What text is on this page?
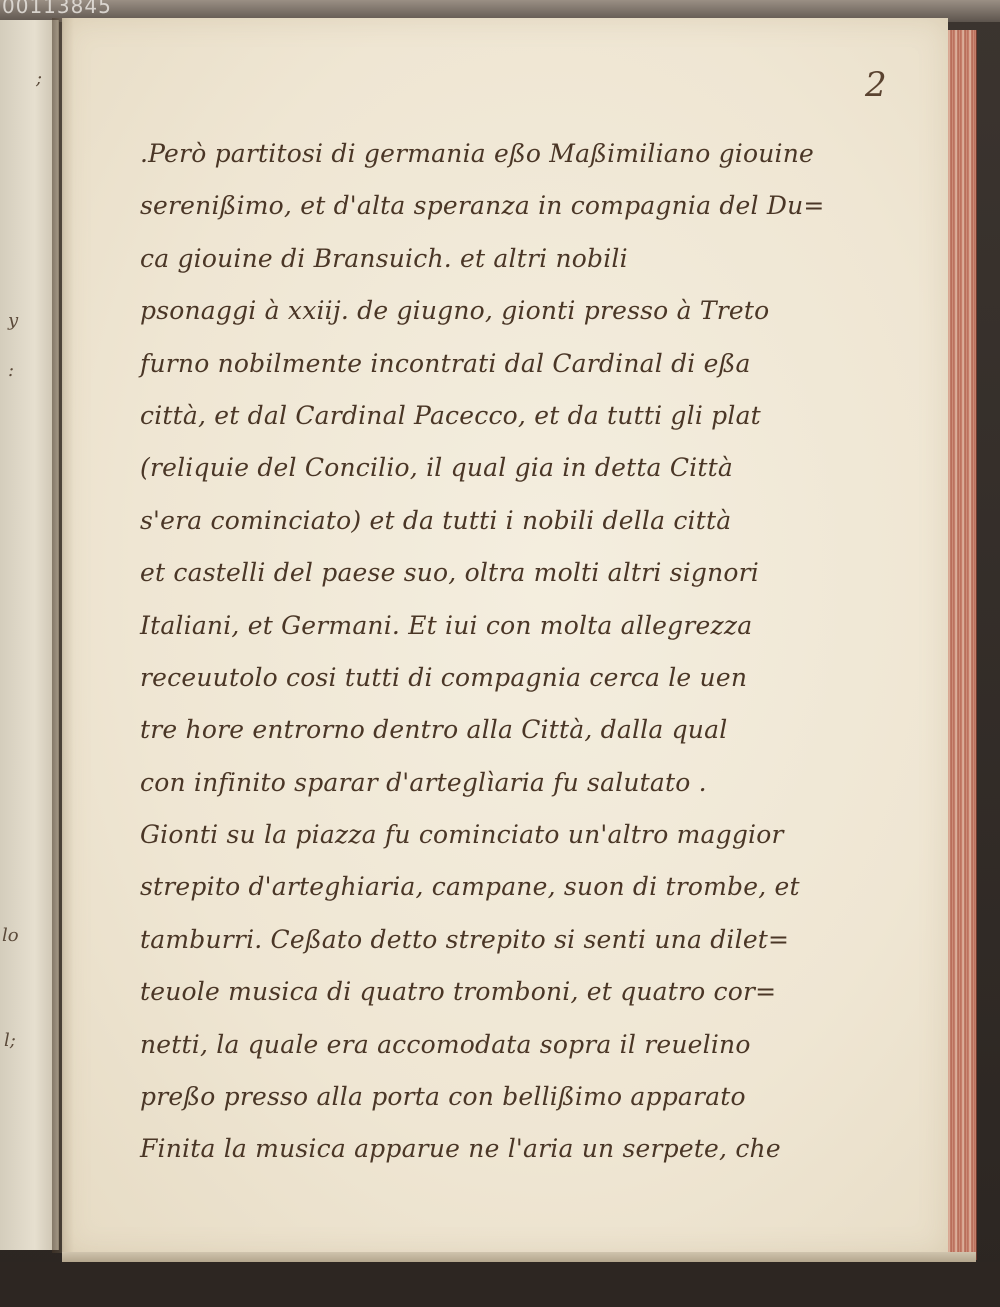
00113845
;
y
:
lo
l;
2
.Però partitosi di germania eßo Maßimiliano giouine
serenißimo, et d'alta speranza in compagnia del Du=
ca giouine di Bransuich. et altri nobili
psonaggi à xxiij. de giugno, gionti presso à Treto
furno nobilmente incontrati dal Cardinal di eßa
città, et dal Cardinal Pacecco, et da tutti gli plat
(reliquie del Concilio, il qual gia in detta Città
s'era cominciato) et da tutti i nobili della città
et castelli del paese suo, oltra molti altri signori
Italiani, et Germani. Et iui con molta allegrezza
receuutolo cosi tutti di compagnia cerca le uen
tre hore entrorno dentro alla Città, dalla qual
con infinito sparar d'arteglìaria fu salutato .
Gionti su la piazza fu cominciato un'altro maggior
strepito d'arteghiaria, campane, suon di trombe, et
tamburri. Ceßato detto strepito si senti una dilet=
teuole musica di quatro tromboni, et quatro cor=
netti, la quale era accomodata sopra il reuelino
preßo presso alla porta con bellißimo apparato
Finita la musica apparue ne l'aria un serpete, che
